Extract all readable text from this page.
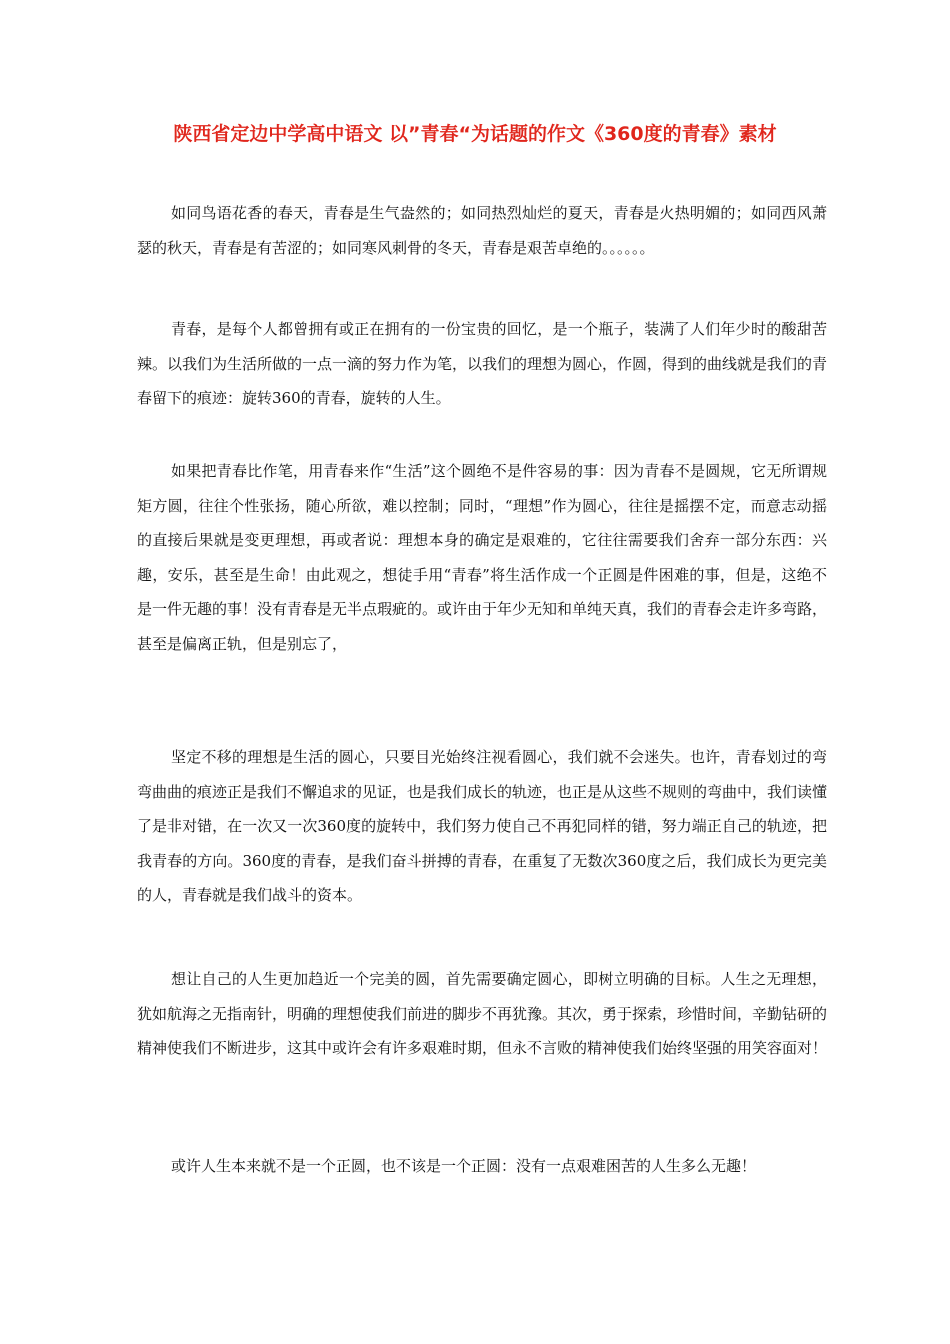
陕西省定边中学高中语文 以”青春“为话题的作文《360度的青春》素材

如同鸟语花香的春天，青春是生气盎然的；如同热烈灿烂的夏天，青春是火热明媚的；如同西风萧瑟的秋天，青春是有苦涩的；如同寒风刺骨的冬天，青春是艰苦卓绝的。。。。。。

青春，是每个人都曾拥有或正在拥有的一份宝贵的回忆，是一个瓶子，装满了人们年少时的酸甜苦辣。以我们为生活所做的一点一滴的努力作为笔，以我们的理想为圆心，作圆，得到的曲线就是我们的青春留下的痕迹：旋转360的青春，旋转的人生。

如果把青春比作笔，用青春来作“生活”这个圆绝不是件容易的事：因为青春不是圆规，它无所谓规矩方圆，往往个性张扬，随心所欲，难以控制；同时，“理想”作为圆心，往往是摇摆不定，而意志动摇的直接后果就是变更理想，再或者说：理想本身的确定是艰难的，它往往需要我们舍弃一部分东西：兴趣，安乐，甚至是生命！由此观之，想徒手用“青春”将生活作成一个正圆是件困难的事，但是，这绝不是一件无趣的事！没有青春是无半点瑕疵的。或许由于年少无知和单纯天真，我们的青春会走许多弯路，甚至是偏离正轨，但是别忘了，

坚定不移的理想是生活的圆心，只要目光始终注视看圆心，我们就不会迷失。也许，青春划过的弯弯曲曲的痕迹正是我们不懈追求的见证，也是我们成长的轨迹，也正是从这些不规则的弯曲中，我们读懂了是非对错，在一次又一次360度的旋转中，我们努力使自己不再犯同样的错，努力端正自己的轨迹，把我青春的方向。360度的青春，是我们奋斗拼搏的青春，在重复了无数次360度之后，我们成长为更完美的人，青春就是我们战斗的资本。

想让自己的人生更加趋近一个完美的圆，首先需要确定圆心，即树立明确的目标。人生之无理想，犹如航海之无指南针，明确的理想使我们前进的脚步不再犹豫。其次，勇于探索，珍惜时间，辛勤钻研的精神使我们不断进步，这其中或许会有许多艰难时期，但永不言败的精神使我们始终坚强的用笑容面对！

或许人生本来就不是一个正圆，也不该是一个正圆：没有一点艰难困苦的人生多么无趣！
